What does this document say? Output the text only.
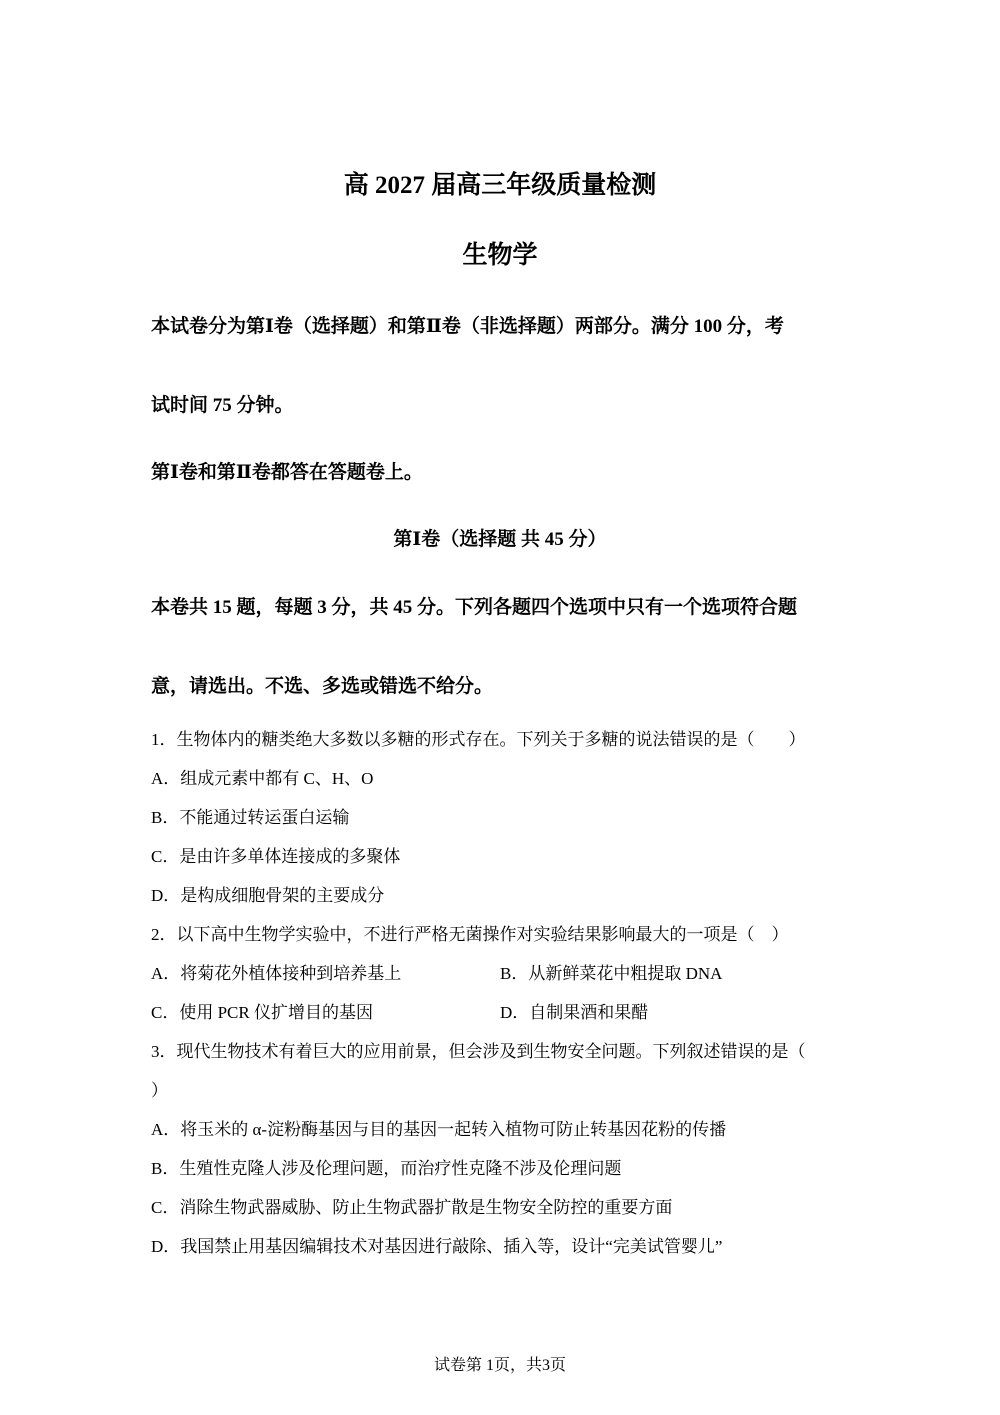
高 2027 届高三年级质量检测
生物学
本试卷分为第Ⅰ卷（选择题）和第Ⅱ卷（非选择题）两部分。满分 100 分，考
试时间 75 分钟。
第Ⅰ卷和第Ⅱ卷都答在答题卷上。
第Ⅰ卷（选择题 共 45 分）
本卷共 15 题，每题 3 分，共 45 分。下列各题四个选项中只有一个选项符合题
意，请选出。不选、多选或错选不给分。
1．生物体内的糖类绝大多数以多糖的形式存在。下列关于多糖的说法错误的是（　　）
A．组成元素中都有 C、H、O
B．不能通过转运蛋白运输
C．是由许多单体连接成的多聚体
D．是构成细胞骨架的主要成分
2．以下高中生物学实验中，不进行严格无菌操作对实验结果影响最大的一项是（　）
A．将菊花外植体接种到培养基上	B．从新鲜菜花中粗提取 DNA
C．使用 PCR 仪扩增目的基因	D．自制果酒和果醋
3．现代生物技术有着巨大的应用前景，但会涉及到生物安全问题。下列叙述错误的是（
）
A．将玉米的 α-淀粉酶基因与目的基因一起转入植物可防止转基因花粉的传播
B．生殖性克隆人涉及伦理问题，而治疗性克隆不涉及伦理问题
C．消除生物武器威胁、防止生物武器扩散是生物安全防控的重要方面
D．我国禁止用基因编辑技术对基因进行敲除、插入等，设计“完美试管婴儿”
试卷第 1页，共3页
